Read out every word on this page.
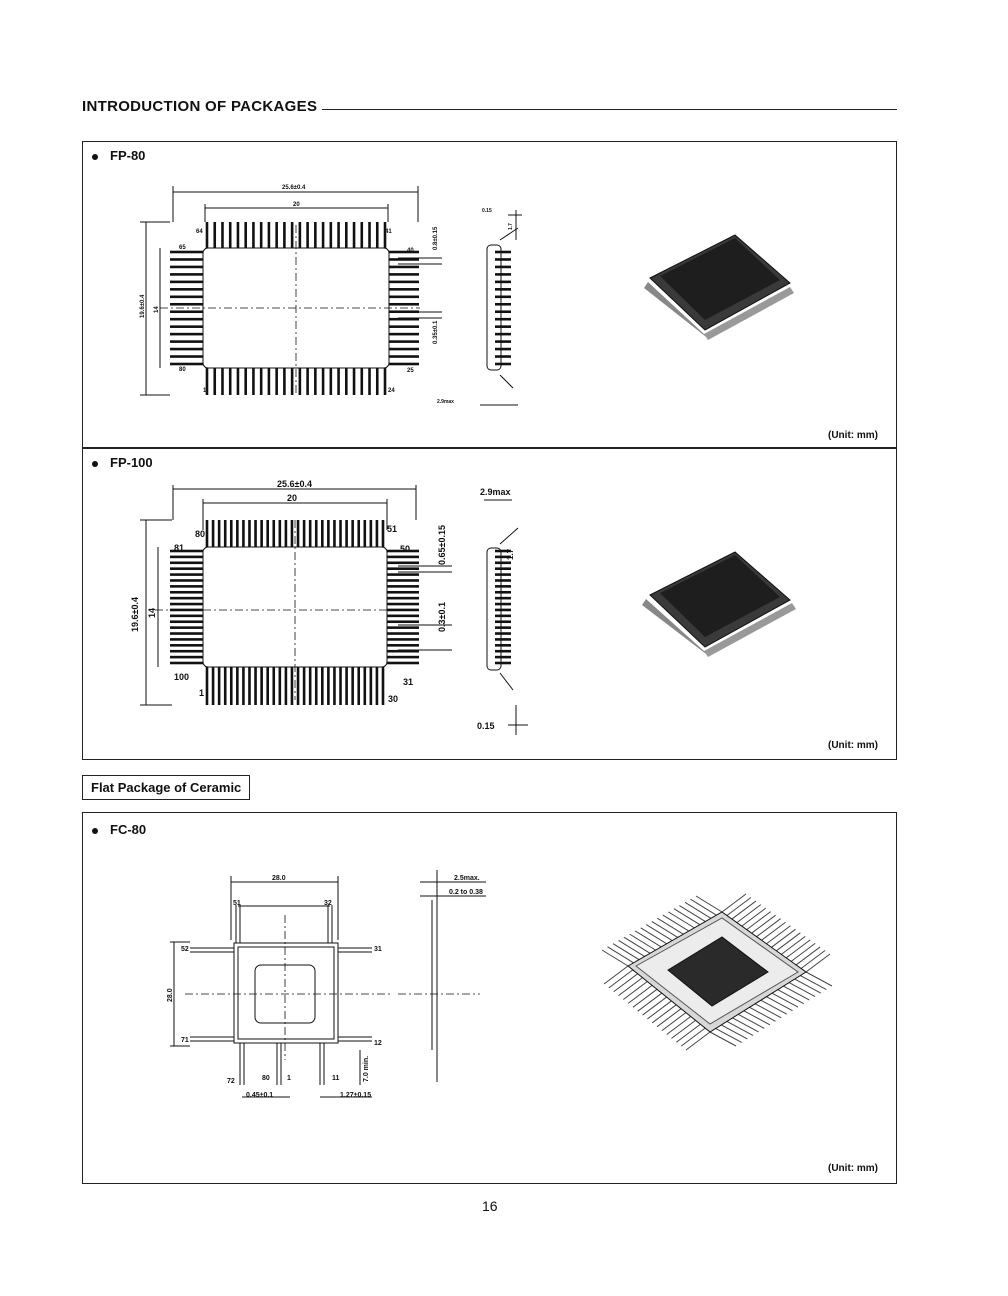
INTRODUCTION OF PACKAGES
FP-80
25.6±0.4
20
19.6±0.4 14
64	41
65	40
80	25
1	24
0.8±0.15
0.35±0.1
0.15
1.7
2.9max
(Unit: mm)
FP-100
25.6±0.4
20
19.6±0.4 14
80	51
81	50
100	31
1
30
0.65±0.15
0.3±0.1
2.9max
0.15
1.7
(Unit: mm)
Flat Package of Ceramic
FC-80
28.0
28.0
51	32
52	31
71	12
72	80 1	11
0.45±0.1	1.27±0.15
7.0 min.
2.5max.
0.2 to 0.38
(Unit: mm)
16
